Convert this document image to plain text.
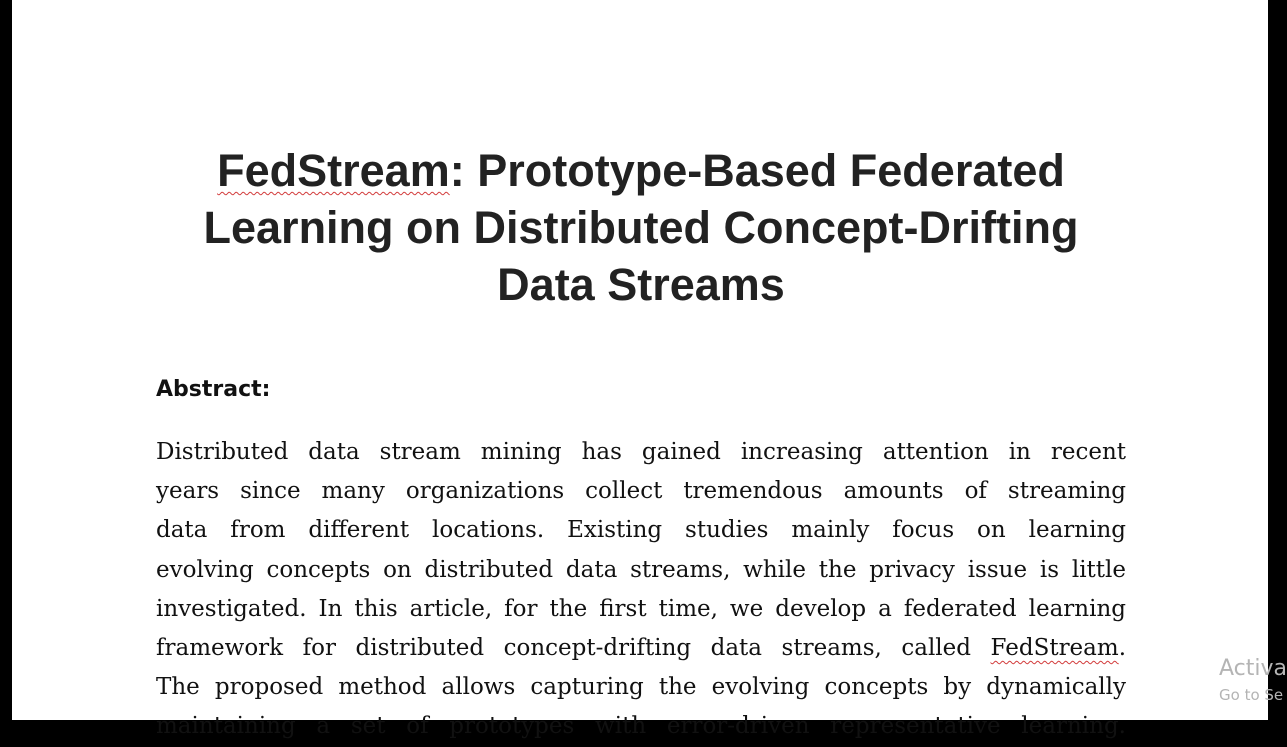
FedStream: Prototype-Based Federated
Learning on Distributed Concept-Drifting
Data Streams
Abstract:
Distributed data stream mining has gained increasing attention in recent
years since many organizations collect tremendous amounts of streaming
data from different locations. Existing studies mainly focus on learning
evolving concepts on distributed data streams, while the privacy issue is little
investigated. In this article, for the first time, we develop a federated learning
framework for distributed concept-drifting data streams, called FedStream.
The proposed method allows capturing the evolving concepts by dynamically
maintaining a set of prototypes with error-driven representative learning.
Activa
Go to Se
